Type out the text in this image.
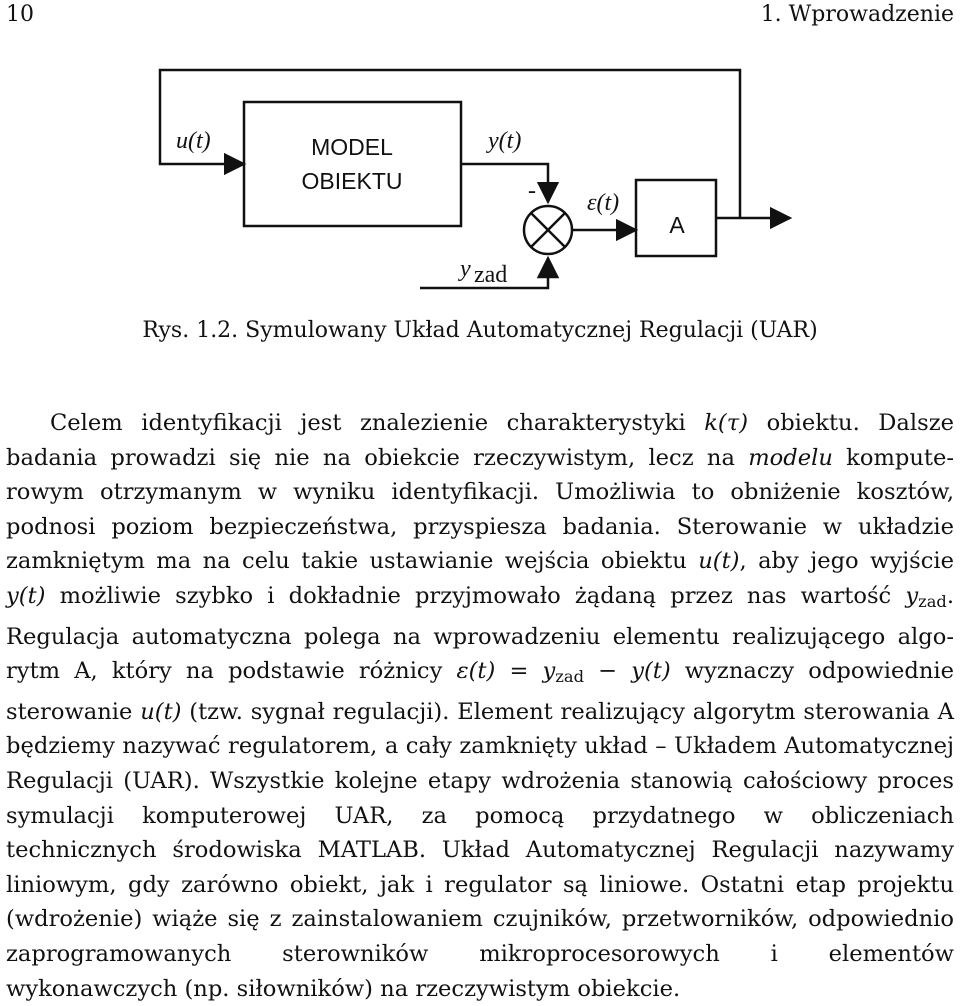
10	1. Wprowadzenie
MODEL
OBIEKTU
A
u(t)	y(t)
- ε(t)
y zad
Rys. 1.2. Symulowany Układ Automatycznej Regulacji (UAR)

Celem identyfikacji jest znalezienie charakterystyki k(τ) obiektu. Dalsze badania prowadzi się nie na obiekcie rzeczywistym, lecz na modelu komputerowym otrzymanym w wyniku identyfikacji. Umożliwia to obniżenie kosztów, podnosi poziom bezpieczeństwa, przyspiesza badania. Sterowanie w układzie zamkniętym ma na celu takie ustawianie wejścia obiektu u(t), aby jego wyjście y(t) możliwie szybko i dokładnie przyjmowało żądaną przez nas wartość $y_{zad}$. Regulacja automatyczna polega na wprowadzeniu elementu realizującego algorytm A, który na podstawie różnicy $\varepsilon(t) = y_{zad} - y(t)$ wyznaczy odpowiednie sterowanie u(t) (tzw. sygnał regulacji). Element realizujący algorytm sterowania A będziemy nazywać regulatorem, a cały zamknięty układ – Układem Automatycznej Regulacji (UAR). Wszystkie kolejne etapy wdrożenia stanowią całościowy proces symulacji komputerowej UAR, za pomocą przydatnego w obliczeniach technicznych środowiska MATLAB. Układ Automatycznej Regulacji nazywamy liniowym, gdy zarówno obiekt, jak i regulator są liniowe. Ostatni etap projektu (wdrożenie) wiąże się z zainstalowaniem czujników, przetworników, odpowiednio zaprogramowanych sterowników mikroprocesorowych i elementów wykonawczych (np. siłowników) na rzeczywistym obiekcie.
